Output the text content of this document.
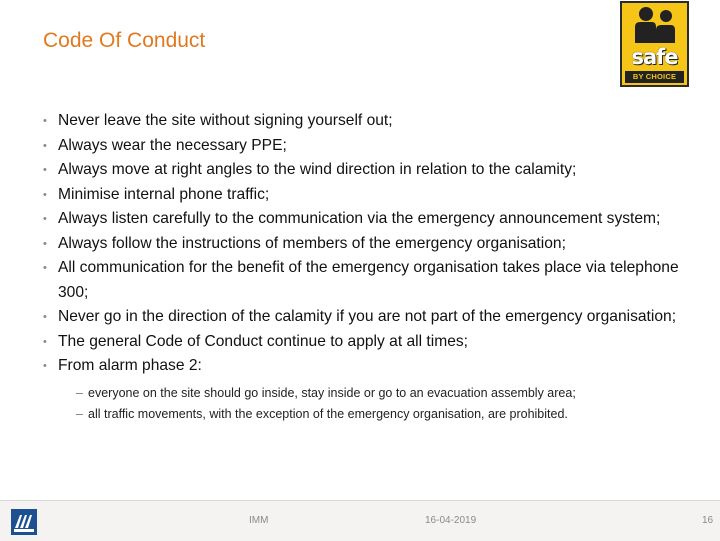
Code Of Conduct
safe
BY CHOICE
• Never leave the site without signing yourself out;
• Always wear the necessary PPE;
• Always move at right angles to the wind direction in relation to the calamity;
• Minimise internal phone traffic;
• Always listen carefully to the communication via the emergency announcement system;
• Always follow the instructions of members of the emergency organisation;
• All communication for the benefit of the emergency organisation takes place via telephone 300;
• Never go in the direction of the calamity if you are not part of the emergency organisation;
• The general Code of Conduct continue to apply at all times;
• From alarm phase 2:
– everyone on the site should go inside, stay inside or go to an evacuation assembly area;
– all traffic movements, with the exception of the emergency organisation, are prohibited.
IMM	16-04-2019	16
